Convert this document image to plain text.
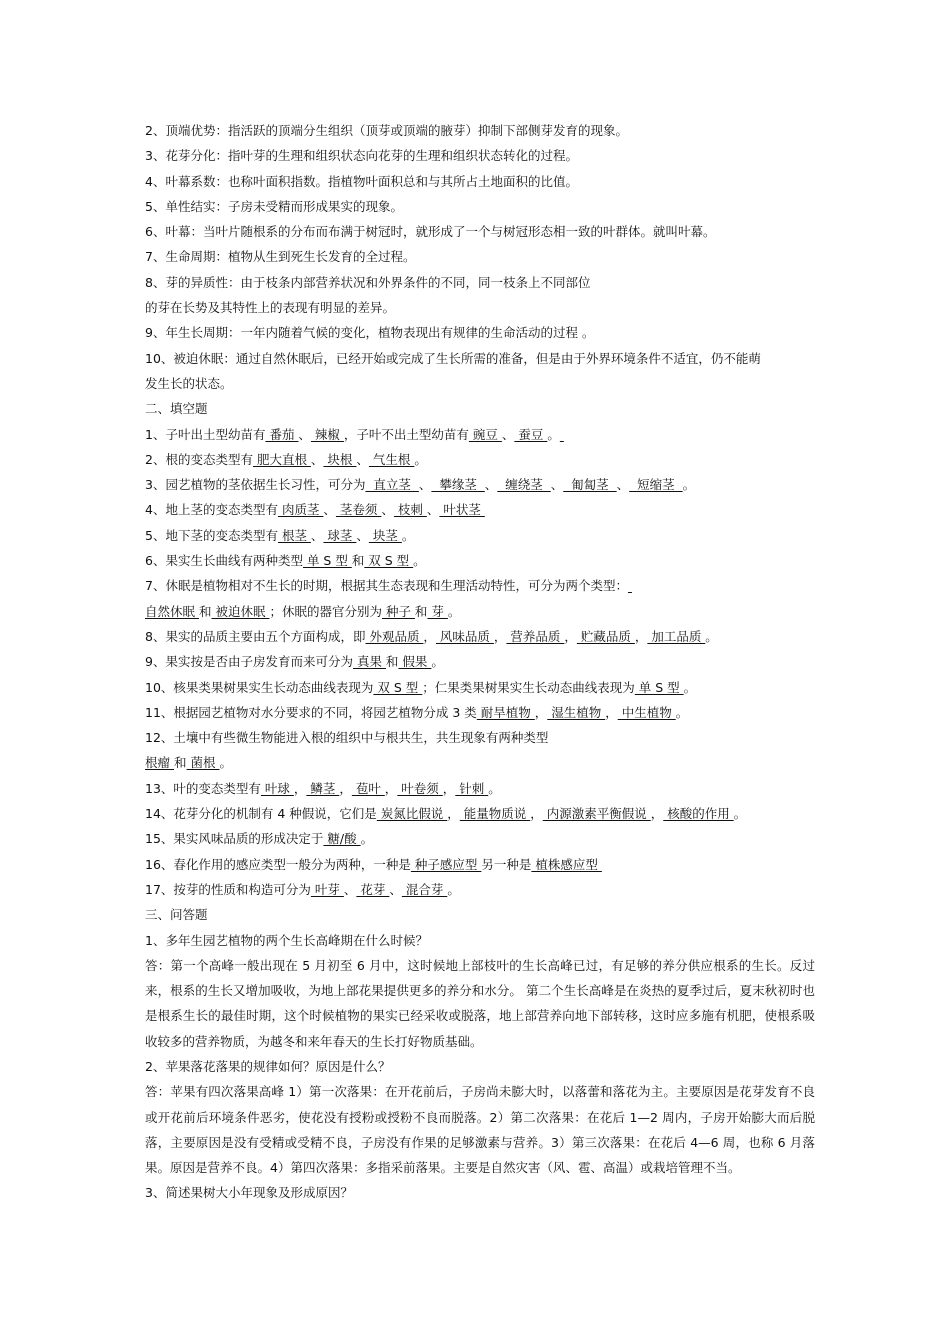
2、顶端优势：指活跃的顶端分生组织（顶芽或顶端的腋芽）抑制下部侧芽发育的现象。
3、花芽分化：指叶芽的生理和组织状态向花芽的生理和组织状态转化的过程。
4、叶幕系数：也称叶面积指数。指植物叶面积总和与其所占土地面积的比值。
5、单性结实：子房未受精而形成果实的现象。
6、叶幕：当叶片随根系的分布而布满于树冠时，就形成了一个与树冠形态相一致的叶群体。就叫叶幕。
7、生命周期：植物从生到死生长发育的全过程。
8、芽的异质性：由于枝条内部营养状况和外界条件的不同，同一枝条上不同部位
的芽在长势及其特性上的表现有明显的差异。
9、年生长周期：一年内随着气候的变化，植物表现出有规律的生命活动的过程 。
10、被迫休眠：通过自然休眠后，已经开始或完成了生长所需的准备，但是由于外界环境条件不适宜，仍不能萌
发生长的状态。
二、填空题
1、子叶出土型幼苗有 番茄 、 辣椒 ，子叶不出土型幼苗有 豌豆 、 蚕豆 。
2、根的变态类型有 肥大直根 、 块根 、 气生根 。
3、园艺植物的茎依据生长习性，可分为  直立茎  、  攀缘茎  、  缠绕茎  、  匍匐茎  、  短缩茎  。
4、地上茎的变态类型有 肉质茎 、 茎卷须 、 枝刺 、 叶状茎
5、地下茎的变态类型有 根茎 、 球茎 、 块茎 。
6、果实生长曲线有两种类型 单 S 型 和 双 S 型 。
7、休眠是植物相对不生长的时期，根据其生态表现和生理活动特性，可分为两个类型：
自然休眠 和 被迫休眠 ；休眠的器官分别为 种子 和 芽 。
8、果实的品质主要由五个方面构成，即 外观品质 ， 风味品质 ， 营养品质 ， 贮藏品质 ， 加工品质 。
9、果实按是否由子房发育而来可分为 真果 和 假果 。
10、核果类果树果实生长动态曲线表现为 双 S 型 ；仁果类果树果实生长动态曲线表现为 单 S 型 。
11、根据园艺植物对水分要求的不同，将园艺植物分成 3 类 耐旱植物 ， 湿生植物 ， 中生植物 。
12、土壤中有些微生物能进入根的组织中与根共生，共生现象有两种类型
根瘤 和 菌根 。
13、叶的变态类型有 叶球 ， 鳞茎 ， 苞叶 ， 叶卷须 ， 针刺 。
14、花芽分化的机制有 4 种假说，它们是 炭氮比假说 ， 能量物质说 ， 内源激素平衡假说 ， 核酸的作用 。
15、果实风味品质的形成决定于 糖/酸 。
16、春化作用的感应类型一般分为两种，一种是 种子感应型 另一种是 植株感应型
17、按芽的性质和构造可分为 叶芽 、 花芽 、 混合芽 。
三、问答题
1、多年生园艺植物的两个生长高峰期在什么时候？
答：第一个高峰一般出现在 5 月初至 6 月中，这时候地上部枝叶的生长高峰已过，有足够的养分供应根系的生长。反过来，根系的生长又增加吸收，为地上部花果提供更多的养分和水分。 第二个生长高峰是在炎热的夏季过后，夏末秋初时也是根系生长的最佳时期，这个时候植物的果实已经采收或脱落，地上部营养向地下部转移，这时应多施有机肥，使根系吸收较多的营养物质，为越冬和来年春天的生长打好物质基础。
2、苹果落花落果的规律如何？原因是什么？
答：苹果有四次落果高峰 1）第一次落果：在开花前后，子房尚未膨大时，以落蕾和落花为主。主要原因是花芽发育不良或开花前后环境条件恶劣，使花没有授粉或授粉不良而脱落。2）第二次落果：在花后 1—2 周内，子房开始膨大而后脱落，主要原因是没有受精或受精不良，子房没有作果的足够激素与营养。3）第三次落果：在花后 4—6 周，也称 6 月落果。原因是营养不良。4）第四次落果：多指采前落果。主要是自然灾害（风、雹、高温）或栽培管理不当。
3、简述果树大小年现象及形成原因？
